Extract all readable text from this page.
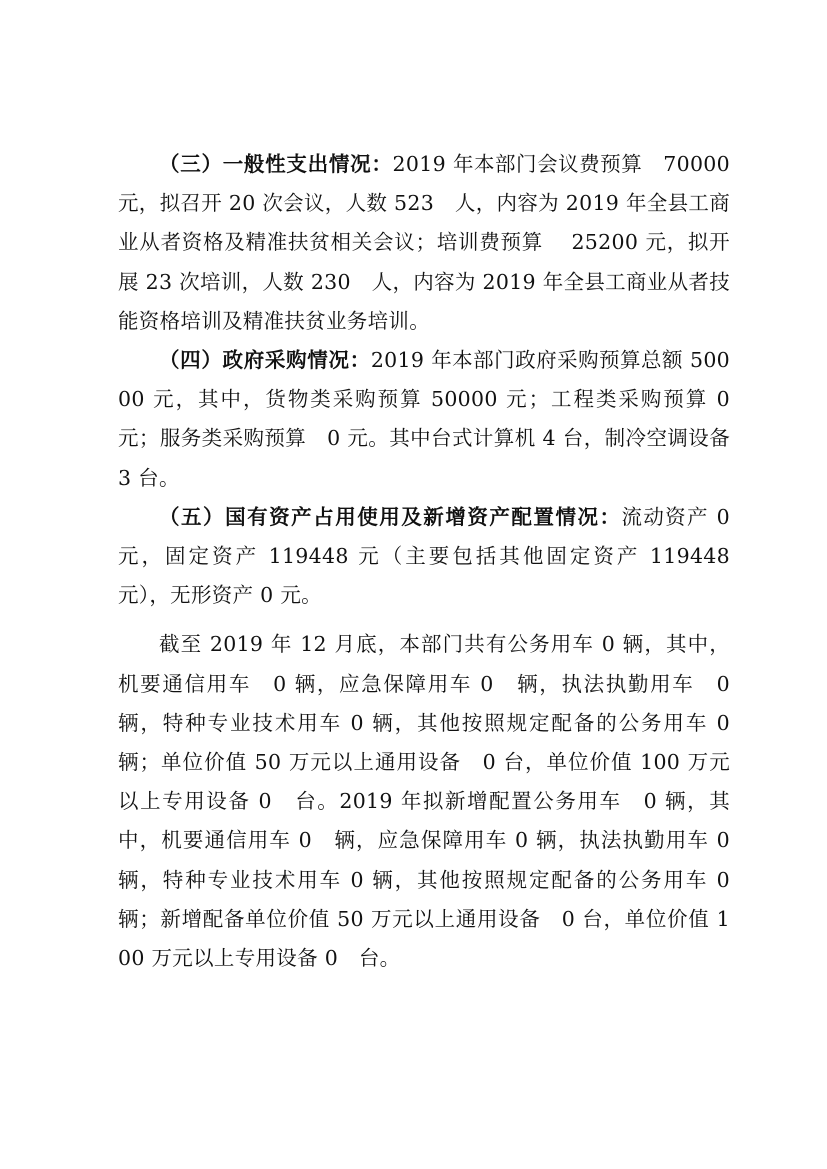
（三）一般性支出情况：2019 年本部门会议费预算　70000 元，拟召开 20 次会议，人数 523　人，内容为 2019 年全县工商业从者资格及精准扶贫相关会议；培训费预算　 25200 元，拟开展 23 次培训，人数 230　人，内容为 2019 年全县工商业从者技能资格培训及精准扶贫业务培训。

（四）政府采购情况：2019 年本部门政府采购预算总额 50000 元，其中，货物类采购预算 50000 元；工程类采购预算 0 元；服务类采购预算　0 元。其中台式计算机 4 台，制冷空调设备 3 台。

（五）国有资产占用使用及新增资产配置情况：流动资产 0 元，固定资产 119448 元（主要包括其他固定资产 119448 元），无形资产 0 元。

截至 2019 年 12 月底，本部门共有公务用车 0 辆，其中，机要通信用车　0 辆，应急保障用车 0　辆，执法执勤用车　0 辆，特种专业技术用车 0 辆，其他按照规定配备的公务用车 0 辆；单位价值 50 万元以上通用设备　0 台，单位价值 100 万元以上专用设备 0　台。2019 年拟新增配置公务用车　0 辆，其中，机要通信用车 0　辆，应急保障用车 0 辆，执法执勤用车 0　辆，特种专业技术用车 0 辆，其他按照规定配备的公务用车 0　辆；新增配备单位价值 50 万元以上通用设备　0 台，单位价值 100 万元以上专用设备 0　台。
